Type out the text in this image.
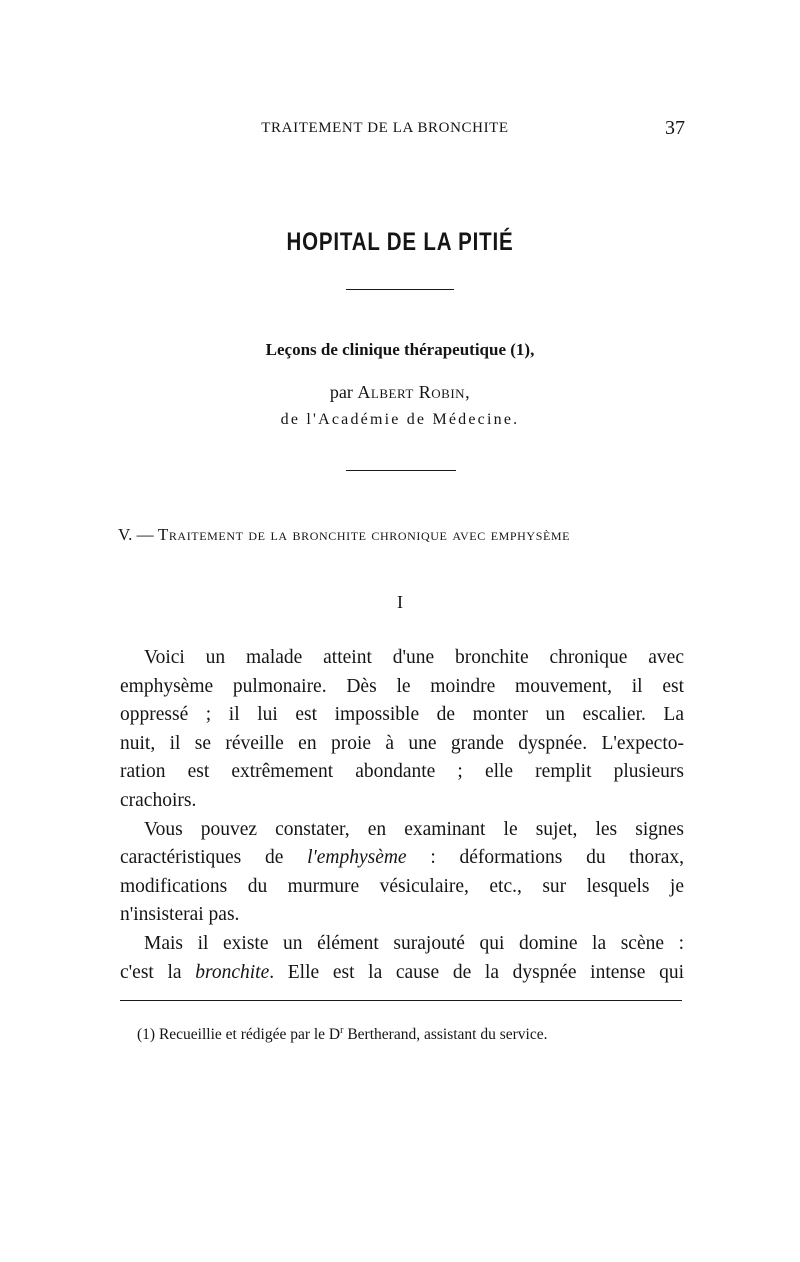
TRAITEMENT DE LA BRONCHITE	37
HOPITAL DE LA PITIÉ
Leçons de clinique thérapeutique (1),
par Albert Robin,
de l'Académie de Médecine.
V. — Traitement de la bronchite chronique avec emphysème
I
Voici un malade atteint d'une bronchite chronique avec
emphysème pulmonaire. Dès le moindre mouvement, il est
oppressé ; il lui est impossible de monter un escalier. La
nuit, il se réveille en proie à une grande dyspnée. L'expecto-
ration est extrêmement abondante ; elle remplit plusieurs
crachoirs.
Vous pouvez constater, en examinant le sujet, les signes
caractéristiques de l'emphysème : déformations du thorax,
modifications du murmure vésiculaire, etc., sur lesquels je
n'insisterai pas.
Mais il existe un élément surajouté qui domine la scène :
c'est la bronchite. Elle est la cause de la dyspnée intense qui
(1) Recueillie et rédigée par le $D^r$ Bertherand, assistant du service.
